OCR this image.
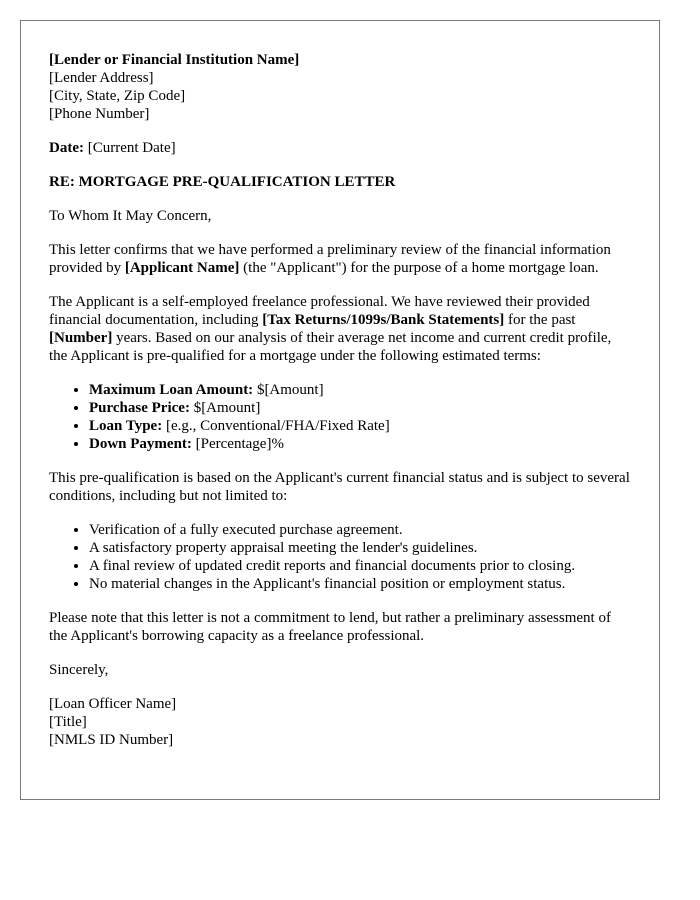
[Lender or Financial Institution Name]
[Lender Address]
[City, State, Zip Code]
[Phone Number]

Date: [Current Date]

RE: MORTGAGE PRE-QUALIFICATION LETTER

To Whom It May Concern,

This letter confirms that we have performed a preliminary review of the financial information provided by [Applicant Name] (the "Applicant") for the purpose of a home mortgage loan.

The Applicant is a self-employed freelance professional. We have reviewed their provided financial documentation, including [Tax Returns/1099s/Bank Statements] for the past [Number] years. Based on our analysis of their average net income and current credit profile, the Applicant is pre-qualified for a mortgage under the following estimated terms:

• Maximum Loan Amount: $[Amount]
• Purchase Price: $[Amount]
• Loan Type: [e.g., Conventional/FHA/Fixed Rate]
• Down Payment: [Percentage]%

This pre-qualification is based on the Applicant's current financial status and is subject to several conditions, including but not limited to:

• Verification of a fully executed purchase agreement.
• A satisfactory property appraisal meeting the lender's guidelines.
• A final review of updated credit reports and financial documents prior to closing.
• No material changes in the Applicant's financial position or employment status.

Please note that this letter is not a commitment to lend, but rather a preliminary assessment of the Applicant's borrowing capacity as a freelance professional.

Sincerely,

[Loan Officer Name]
[Title]
[NMLS ID Number]
